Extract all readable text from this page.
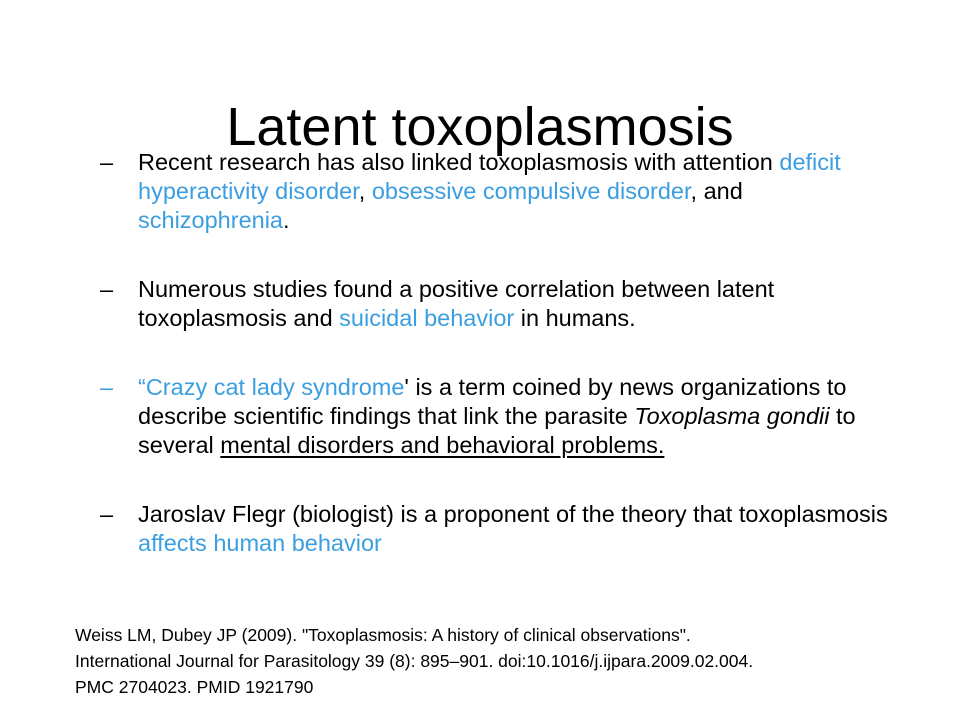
Latent toxoplasmosis
– Recent research has also linked toxoplasmosis with attention deficit hyperactivity disorder, obsessive compulsive disorder, and schizophrenia.
– Numerous studies found a positive correlation between latent toxoplasmosis and suicidal behavior in humans.
– “Crazy cat lady syndrome' is a term coined by news organizations to describe scientific findings that link the parasite Toxoplasma gondii to several mental disorders and behavioral problems.
– Jaroslav Flegr (biologist) is a proponent of the theory that toxoplasmosis affects human behavior

Weiss LM, Dubey JP (2009). "Toxoplasmosis: A history of clinical observations".
International Journal for Parasitology 39 (8): 895–901. doi:10.1016/j.ijpara.2009.02.004.
PMC 2704023. PMID 1921790
